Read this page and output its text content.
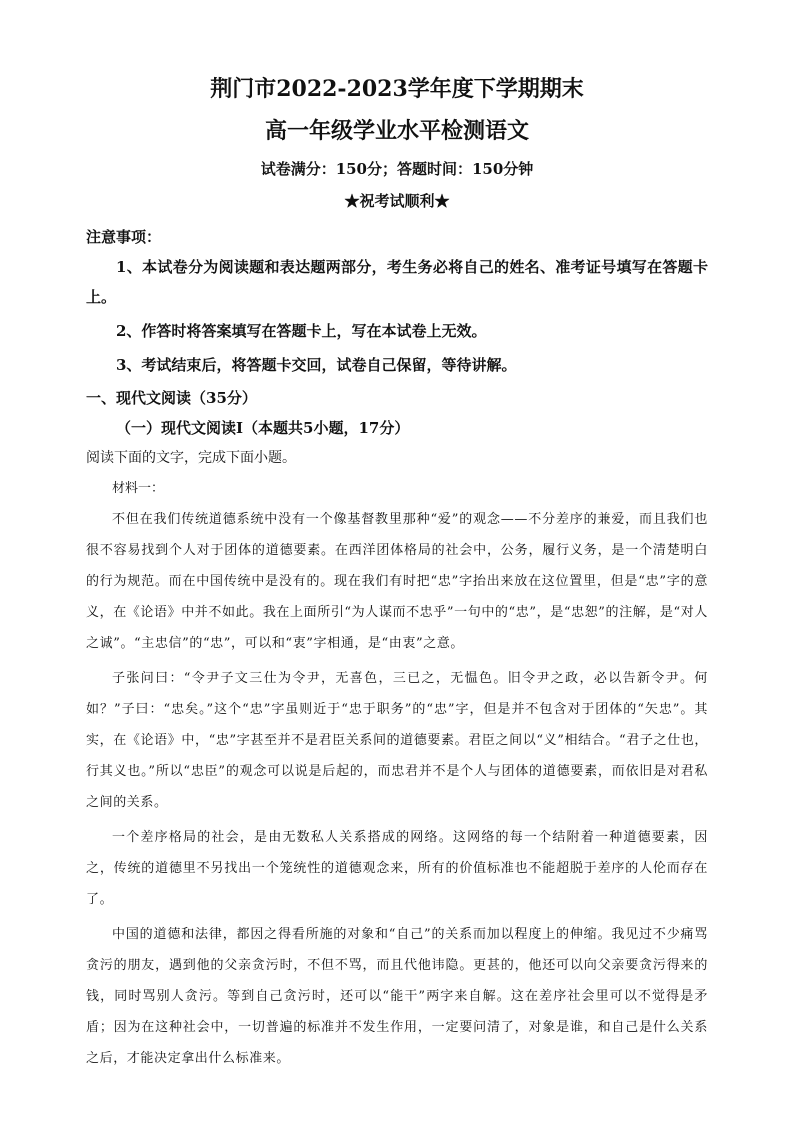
荆门市2022-2023学年度下学期期末
高一年级学业水平检测语文
试卷满分：150分；答题时间：150分钟
★祝考试顺利★
注意事项：
1、本试卷分为阅读题和表达题两部分，考生务必将自己的姓名、准考证号填写在答题卡上。
2、作答时将答案填写在答题卡上，写在本试卷上无效。
3、考试结束后，将答题卡交回，试卷自己保留，等待讲解。
一、现代文阅读（35分）
（一）现代文阅读Ⅰ（本题共5小题，17分）
阅读下面的文字，完成下面小题。
材料一：
不但在我们传统道德系统中没有一个像基督教里那种“爱”的观念——不分差序的兼爱，而且我们也很不容易找到个人对于团体的道德要素。在西洋团体格局的社会中，公务，履行义务，是一个清楚明白的行为规范。而在中国传统中是没有的。现在我们有时把“忠”字抬出来放在这位置里，但是“忠”字的意义，在《论语》中并不如此。我在上面所引“为人谋而不忠乎”一句中的“忠”，是“忠恕”的注解，是“对人之诚”。“主忠信”的“忠”，可以和“衷”字相通，是“由衷”之意。
子张问曰：“令尹子文三仕为令尹，无喜色，三已之，无愠色。旧令尹之政，必以告新令尹。何如？”子曰：“忠矣。”这个“忠”字虽则近于“忠于职务”的“忠”字，但是并不包含对于团体的“矢忠”。其实，在《论语》中，“忠”字甚至并不是君臣关系间的道德要素。君臣之间以“义”相结合。“君子之仕也，行其义也。”所以“忠臣”的观念可以说是后起的，而忠君并不是个人与团体的道德要素，而依旧是对君私之间的关系。
一个差序格局的社会，是由无数私人关系搭成的网络。这网络的每一个结附着一种道德要素，因之，传统的道德里不另找出一个笼统性的道德观念来，所有的价值标准也不能超脱于差序的人伦而存在了。
中国的道德和法律，都因之得看所施的对象和“自己”的关系而加以程度上的伸缩。我见过不少痛骂贪污的朋友，遇到他的父亲贪污时，不但不骂，而且代他讳隐。更甚的，他还可以向父亲要贪污得来的钱，同时骂别人贪污。等到自己贪污时，还可以“能干”两字来自解。这在差序社会里可以不觉得是矛盾；因为在这种社会中，一切普遍的标准并不发生作用，一定要问清了，对象是谁，和自己是什么关系之后，才能决定拿出什么标准来。
